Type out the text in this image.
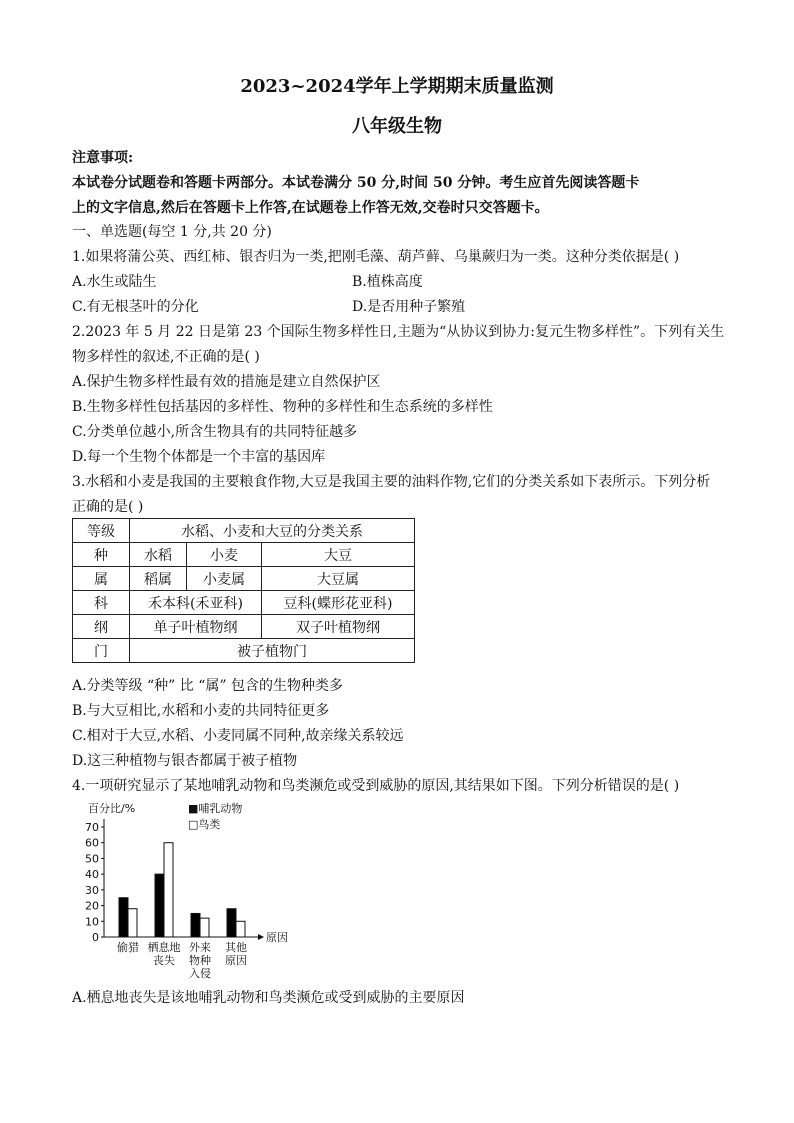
2023~2024学年上学期期末质量监测
八年级生物
注意事项:
本试卷分试题卷和答题卡两部分。本试卷满分 50 分,时间 50 分钟。考生应首先阅读答题卡
上的文字信息,然后在答题卡上作答,在试题卷上作答无效,交卷时只交答题卡。
一、单选题(每空 1 分,共 20 分)
1.如果将蒲公英、西红柿、银杏归为一类,把刚毛藻、葫芦藓、乌巢蕨归为一类。这种分类依据是( )
A.水生或陆生	B.植株高度
C.有无根茎叶的分化	D.是否用种子繁殖
2.2023 年 5 月 22 日是第 23 个国际生物多样性日,主题为“从协议到协力:复元生物多样性”。下列有关生
物多样性的叙述,不正确的是( )
A.保护生物多样性最有效的措施是建立自然保护区
B.生物多样性包括基因的多样性、物种的多样性和生态系统的多样性
C.分类单位越小,所含生物具有的共同特征越多
D.每一个生物个体都是一个丰富的基因库
3.水稻和小麦是我国的主要粮食作物,大豆是我国主要的油料作物,它们的分类关系如下表所示。下列分析
正确的是( )
等级	水稻、小麦和大豆的分类关系		
种	水稻	小麦	大豆
属	稻属	小麦属	大豆属
科	禾本科(禾亚科)		豆科(蝶形花亚科)
纲	单子叶植物纲		双子叶植物纲
门	被子植物门		
A.分类等级 “种” 比 “属” 包含的生物种类多
B.与大豆相比,水稻和小麦的共同特征更多
C.相对于大豆,水稻、小麦同属不同种,故亲缘关系较远
D.这三种植物与银杏都属于被子植物
4.一项研究显示了某地哺乳动物和鸟类濒危或受到威胁的原因,其结果如下图。下列分析错误的是( )
0
10
20
30
40
50
60
70
百分比/%
原因
■哺乳动物
□鸟类
偷猎 栖息地
丧失
外来
物种
入侵
其他
原因
A.栖息地丧失是该地哺乳动物和鸟类濒危或受到威胁的主要原因
